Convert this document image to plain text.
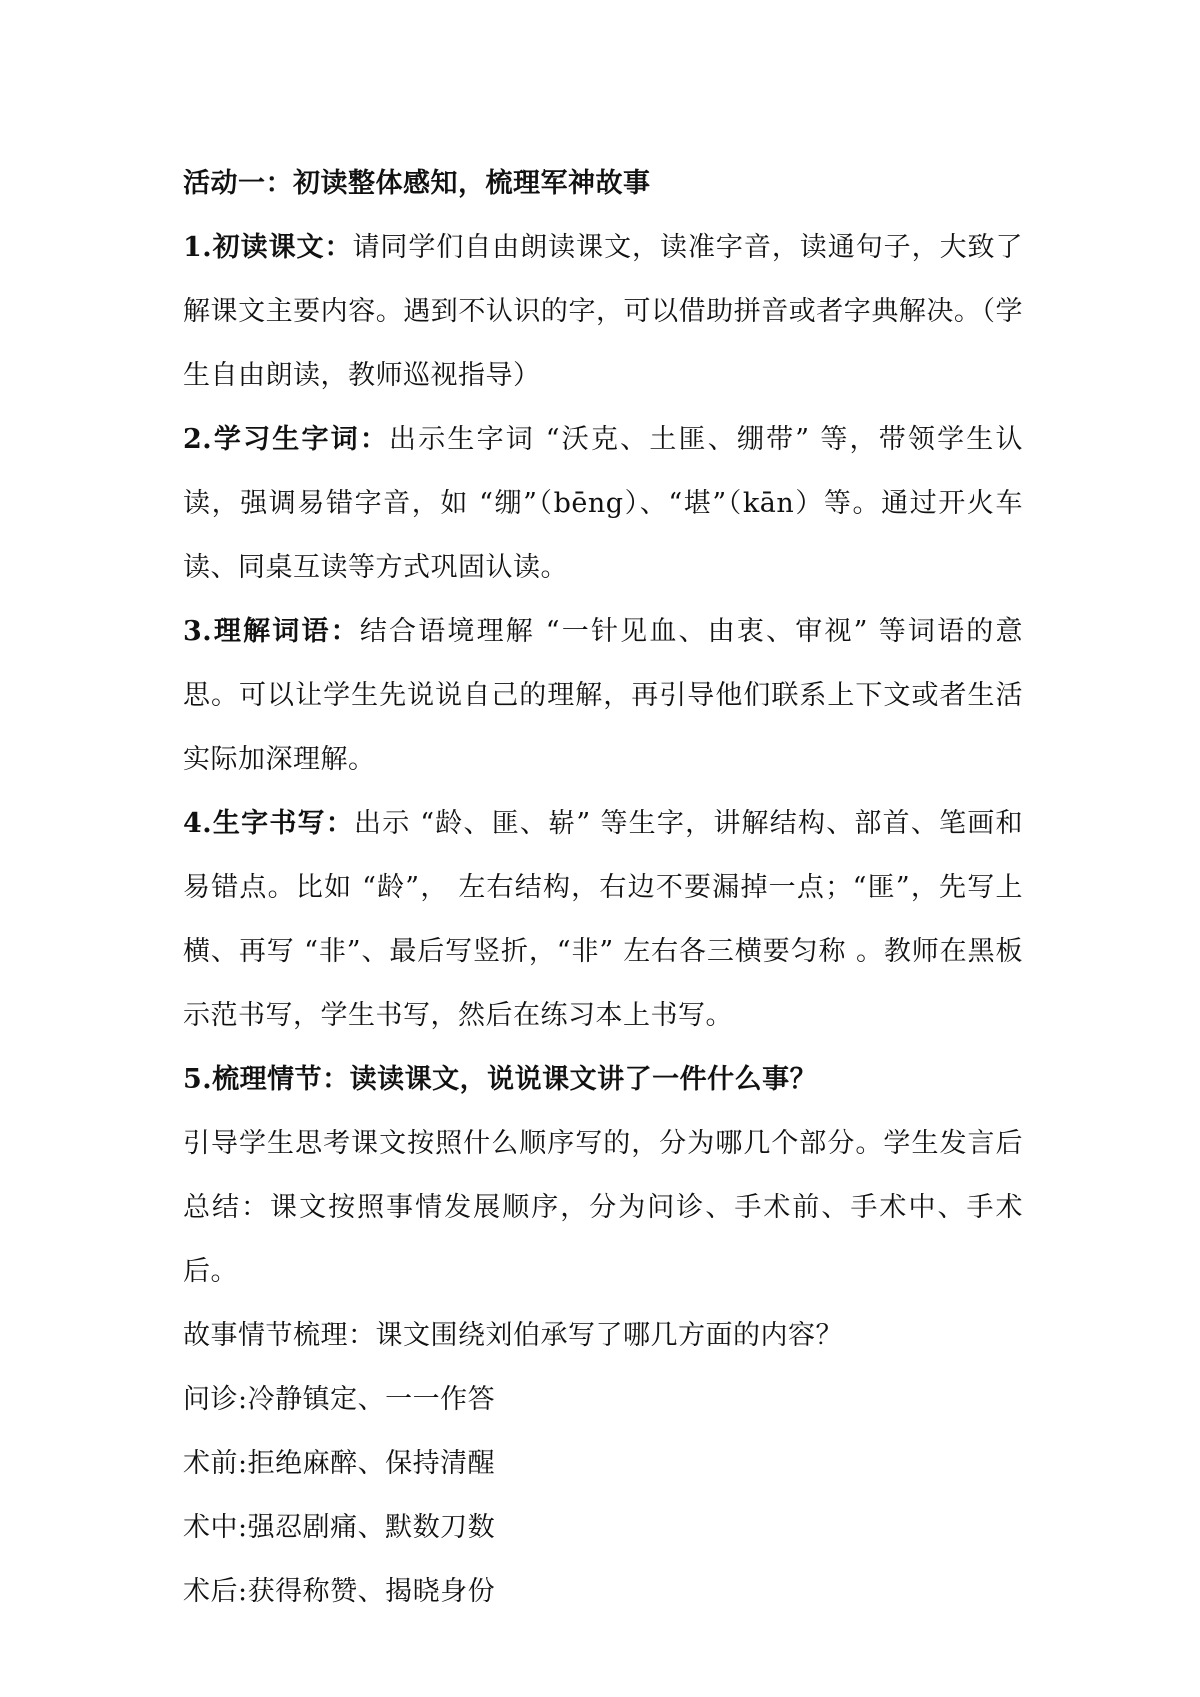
活动一：初读整体感知，梳理军神故事

1.初读课文：请同学们自由朗读课文，读准字音，读通句子，大致了解课文主要内容。遇到不认识的字，可以借助拼音或者字典解决。（学生自由朗读，教师巡视指导）

2.学习生字词：出示生字词 “沃克、土匪、绷带” 等，带领学生认读，强调易错字音，如 “绷”（bēng）、“堪”（kān）等。通过开火车读、同桌互读等方式巩固认读。

3.理解词语：结合语境理解 “一针见血、由衷、审视” 等词语的意思。可以让学生先说说自己的理解，再引导他们联系上下文或者生活实际加深理解。

4.生字书写：出示 “龄、匪、崭” 等生字，讲解结构、部首、笔画和易错点。比如 “龄”， 左右结构，右边不要漏掉一点；“匪”，先写上横、再写 “非”、最后写竖折，“非” 左右各三横要匀称 。教师在黑板示范书写，学生书写，然后在练习本上书写。

5.梳理情节：读读课文，说说课文讲了一件什么事？

引导学生思考课文按照什么顺序写的，分为哪几个部分。学生发言后总结：课文按照事情发展顺序，分为问诊、手术前、手术中、手术后。

故事情节梳理：课文围绕刘伯承写了哪几方面的内容？

问诊:冷静镇定、一一作答

术前:拒绝麻醉、保持清醒

术中:强忍剧痛、默数刀数

术后:获得称赞、揭晓身份
